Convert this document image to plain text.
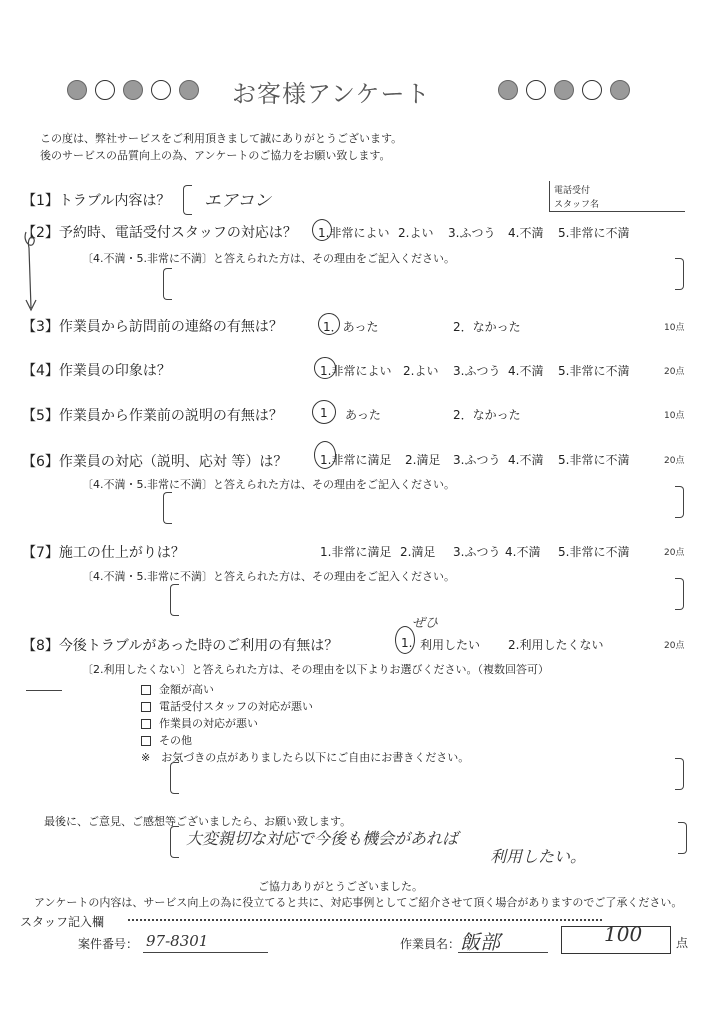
お客様アンケート
この度は、弊社サービスをご利用頂きまして誠にありがとうございます。
後のサービスの品質向上の為、アンケートのご協力をお願い致します。
【1】トラブル内容は？ エアコン	電話受付
スタッフ名
【2】予約時、電話受付スタッフの対応は？ 1.非常によい 2.よい 3.ふつう 4.不満 5.非常に不満
〔4.不満・5.非常に不満〕と答えられた方は、その理由をご記入ください。
【3】作業員から訪問前の連絡の有無は？	1．あった	2．なかった	10点
【4】作業員の印象は？	1.非常によい 2.よい 3.ふつう 4.不満 5.非常に不満	20点
【5】作業員から作業前の説明の有無は？	1 あった	2．なかった	10点
【6】作業員の対応（説明、応対 等）は？	1.非常に満足 2.満足 3.ふつう 4.不満 5.非常に不満	20点
〔4.不満・5.非常に不満〕と答えられた方は、その理由をご記入ください。
【7】施工の仕上がりは？	1.非常に満足 2.満足 3.ふつう 4.不満 5.非常に不満	20点
〔4.不満・5.非常に不満〕と答えられた方は、その理由をご記入ください。
【8】今後トラブルがあった時のご利用の有無は？
ぜひ
1. 利用したい 2.利用したくない	20点
〔2.利用したくない〕と答えられた方は、その理由を以下よりお選びください。（複数回答可）
金額が高い
電話受付スタッフの対応が悪い
作業員の対応が悪い
その他
※　お気づきの点がありましたら以下にご自由にお書きください。
最後に、ご意見、ご感想等ございましたら、お願い致します。
大変親切な対応で今後も機会があれば
利用したい。
ご協力ありがとうございました。
アンケートの内容は、サービス向上の為に役立てると共に、対応事例としてご紹介させて頂く場合がありますのでご了承ください。
スタッフ記入欄
案件番号： 97-8301	作業員名： 飯部	100	点
